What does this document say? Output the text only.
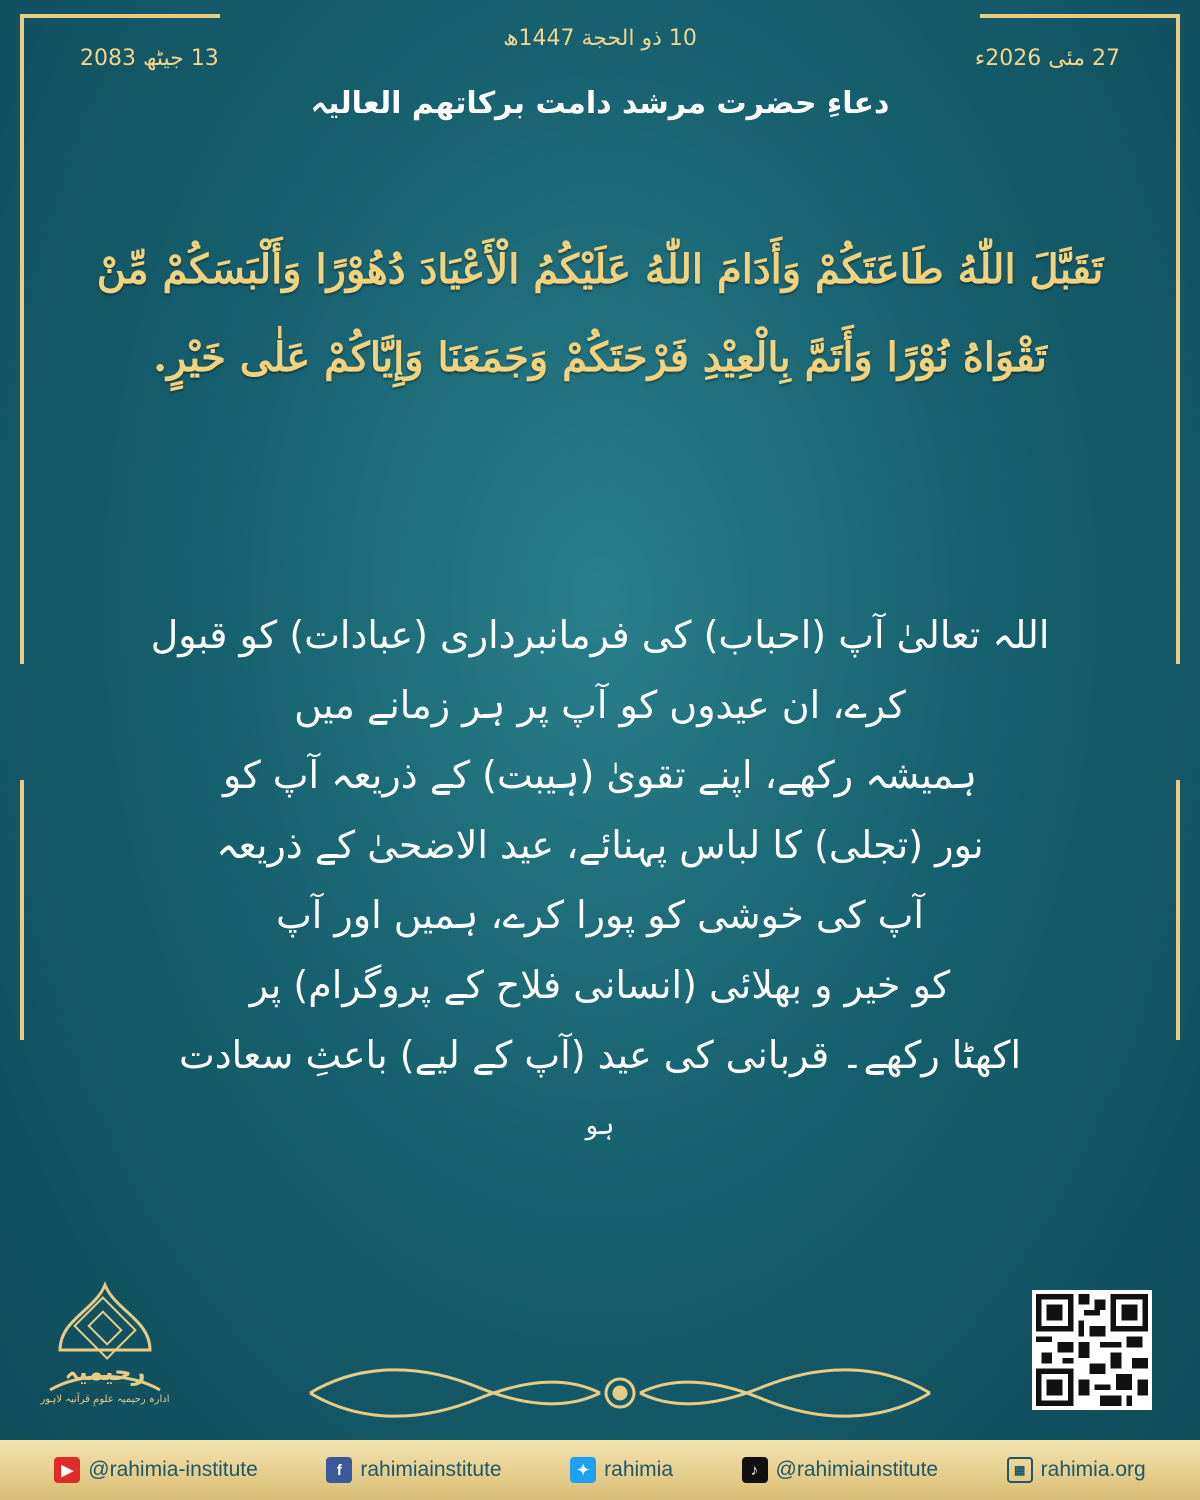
10 ذو الحجة 1447ھ
27 مئی 2026ء
13 جیٹھ 2083
دعاءِ حضرت مرشد دامت برکاتھم العالیہ
تَقَبَّلَ اللّٰهُ طَاعَتَكُمْ وَأَدَامَ اللّٰهُ عَلَيْكُمُ الْأَعْيَادَ دُهُوْرًا وَأَلْبَسَكُمْ مِّنْ
تَقْوَاهُ نُوْرًا وَأَتَمَّ بِالْعِيْدِ فَرْحَتَكُمْ وَجَمَعَنَا وَإِيَّاكُمْ عَلٰى خَيْرٍ.
اللہ تعالیٰ آپ (احباب) کی فرمانبرداری (عبادات) کو قبول
کرے، ان عیدوں کو آپ پر ہر زمانے میں
ہمیشہ رکھے، اپنے تقویٰ (ہیبت) کے ذریعہ آپ کو
نور (تجلی) کا لباس پہنائے، عید الاضحیٰ کے ذریعہ
آپ کی خوشی کو پورا کرے، ہمیں اور آپ
کو خیر و بھلائی (انسانی فلاح کے پروگرام) پر
اکھٹا رکھے۔ قربانی کی عید (آپ کے لیے) باعثِ سعادت
ہو
رحیمیہ
ادارہ رحیمیہ علومِ قرآنیہ لاہور
▶ @rahimia-institute	f rahimiainstitute	✦ rahimia	♪ @rahimiainstitute	▦ rahimia.org
